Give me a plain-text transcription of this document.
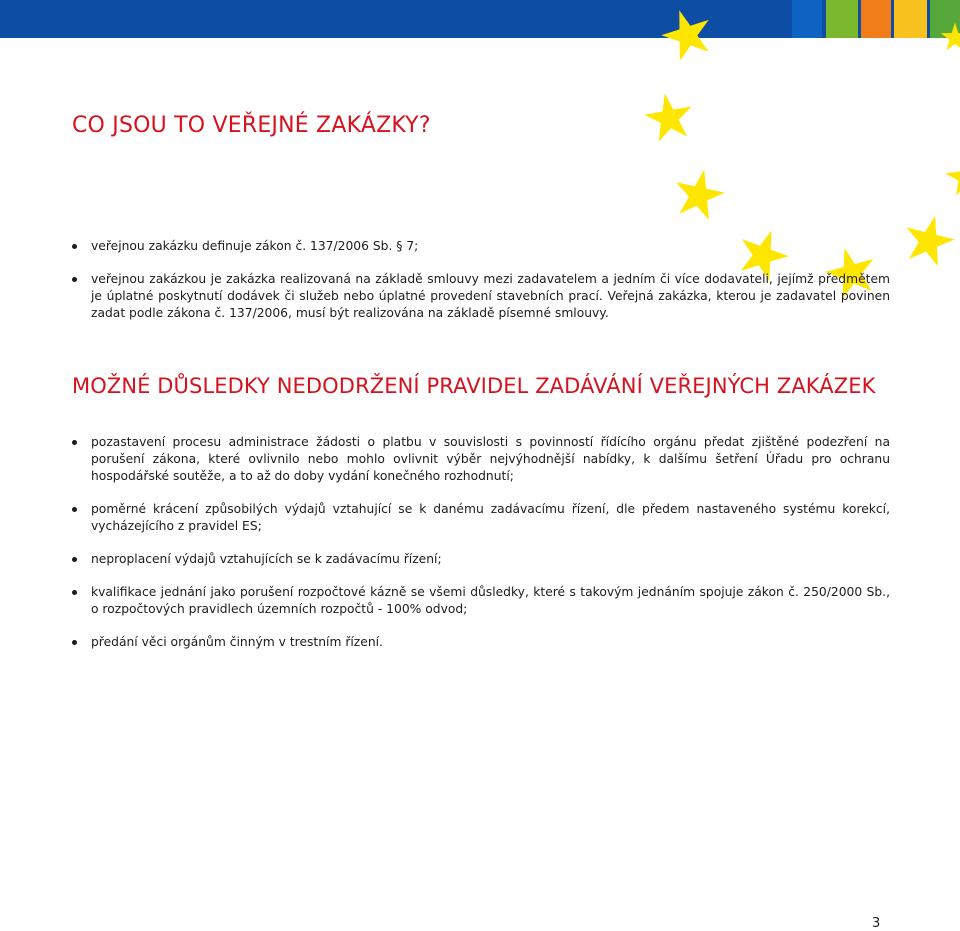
CO JSOU TO VEŘEJNÉ ZAKÁZKY?
veřejnou zakázku definuje zákon č. 137/2006 Sb. § 7;
veřejnou zakázkou je zakázka realizovaná na základě smlouvy mezi zadavatelem a jedním či více dodavateli, jejímž předmětem je úplatné poskytnutí dodávek či služeb nebo úplatné provedení stavebních prací. Veřejná zakázka, kterou je zadavatel povinen zadat podle zákona č. 137/2006, musí být realizována na základě písemné smlouvy.
MOŽNÉ DŮSLEDKY NEDODRŽENÍ PRAVIDEL ZADÁVÁNÍ VEŘEJNÝCH ZAKÁZEK
pozastavení procesu administrace žádosti o platbu v souvislosti s povinností řídícího orgánu předat zjištěné podezření na porušení zákona, které ovlivnilo nebo mohlo ovlivnit výběr nejvýhodnější nabídky, k dalšímu šetření Úřadu pro ochranu hospodářské soutěže, a to až do doby vydání konečného rozhodnutí;
poměrné krácení způsobilých výdajů vztahující se k danému zadávacímu řízení, dle předem nastaveného systému korekcí, vycházejícího z pravidel ES;
neproplacení výdajů vztahujících se k zadávacímu řízení;
kvalifikace jednání jako porušení rozpočtové kázně se všemi důsledky, které s takovým jednáním spojuje zákon č. 250/2000 Sb., o rozpočtových pravidlech územních rozpočtů - 100% odvod;
předání věci orgánům činným v trestním řízení.
3
